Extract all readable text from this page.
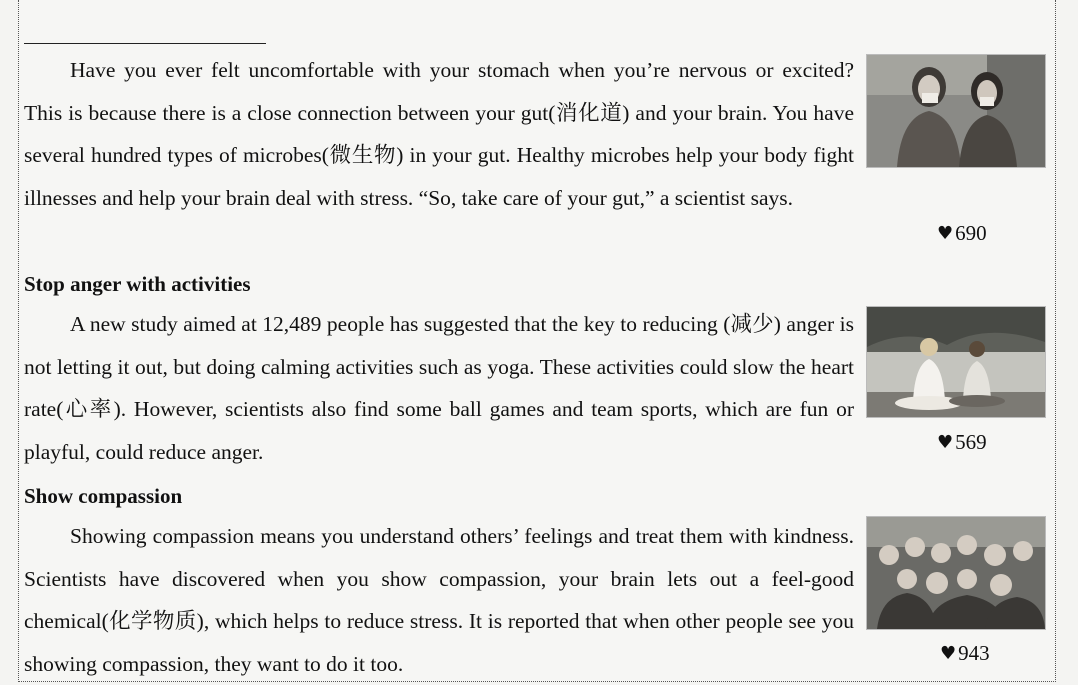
Have you ever felt uncomfortable with your stomach when you’re nervous or excited? This is because there is a close connection between your gut(消化道) and your brain. You have several hundred types of microbes(微生物) in your gut. Healthy microbes help your body fight illnesses and help your brain deal with stress. “So, take care of your gut,” a scientist says.

♥ 690
Stop anger with activities

A new study aimed at 12,489 people has suggested that the key to reducing (减少) anger is not letting it out, but doing calming activities such as yoga. These activities could slow the heart rate(心率). However, scientists also find some ball games and team sports, which are fun or playful, could reduce anger.	♥ 569
Show compassion

Showing compassion means you understand others’ feelings and treat them with kindness. Scientists have discovered when you show compassion, your brain lets out a feel-good chemical(化学物质), which helps to reduce stress. It is reported that when other people see you showing compassion, they want to do it too.	♥ 943
